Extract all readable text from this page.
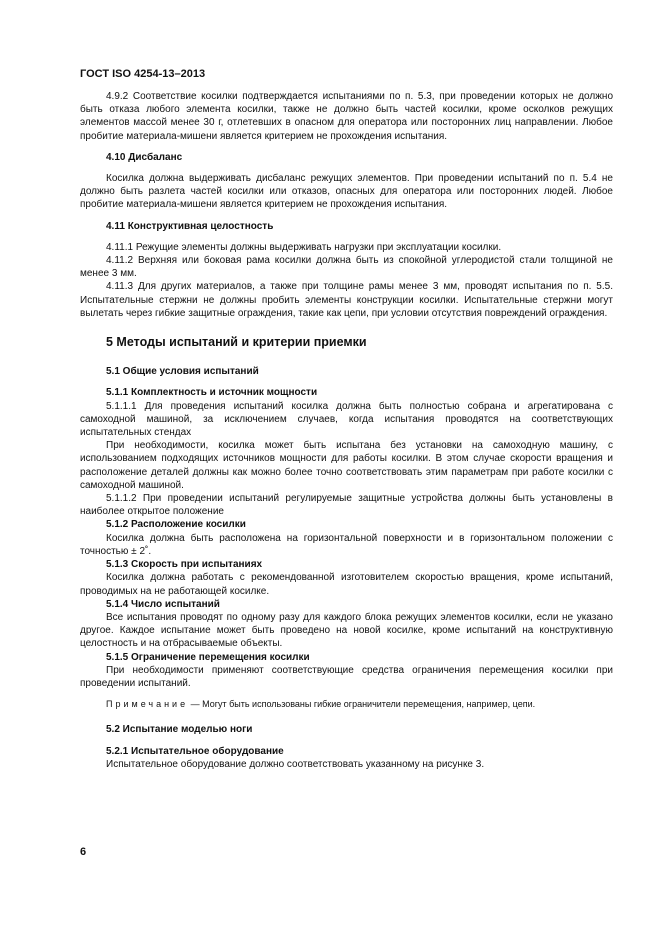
ГОСТ ISO 4254-13–2013

4.9.2 Соответствие косилки подтверждается испытаниями по п. 5.3, при проведении которых не должно быть отказа любого элемента косилки, также не должно быть частей косилки, кроме осколков режущих элементов массой менее 30 г, отлетевших в опасном для оператора или посторонних лиц направлении. Любое пробитие материала-мишени является критерием не прохождения испытания.

4.10 Дисбаланс

Косилка должна выдерживать дисбаланс режущих элементов. При проведении испытаний по п. 5.4 не должно быть разлета частей косилки или отказов, опасных для оператора или посторонних людей. Любое пробитие материала-мишени является критерием не прохождения испытания.

4.11 Конструктивная целостность

4.11.1 Режущие элементы должны выдерживать нагрузки при эксплуатации косилки.

4.11.2 Верхняя или боковая рама косилки должна быть из спокойной углеродистой стали толщиной не менее 3 мм.

4.11.3 Для других материалов, а также при толщине рамы менее 3 мм, проводят испытания по п. 5.5. Испытательные стержни не должны пробить элементы конструкции косилки. Испытательные стержни могут вылетать через гибкие защитные ограждения, такие как цепи, при условии отсутствия повреждений ограждения.

5 Методы испытаний и критерии приемки

5.1 Общие условия испытаний

5.1.1 Комплектность и источник мощности

5.1.1.1 Для проведения испытаний косилка должна быть полностью собрана и агрегатирована с самоходной машиной, за исключением случаев, когда испытания проводятся на соответствующих испытательных стендах

При необходимости, косилка может быть испытана без установки на самоходную машину, с использованием подходящих источников мощности для работы косилки. В этом случае скорости вращения и расположение деталей должны как можно более точно соответствовать этим параметрам при работе косилки с самоходной машиной.

5.1.1.2 При проведении испытаний регулируемые защитные устройства должны быть установлены в наиболее открытое положение

5.1.2 Расположение косилки

Косилка должна быть расположена на горизонтальной поверхности и в горизонтальном положении с точностью ± 2˚.

5.1.3 Скорость при испытаниях

Косилка должна работать с рекомендованной изготовителем скоростью вращения, кроме испытаний, проводимых на не работающей косилке.

5.1.4 Число испытаний

Все испытания проводят по одному разу для каждого блока режущих элементов косилки, если не указано другое. Каждое испытание может быть проведено на новой косилке, кроме испытаний на конструктивную целостность и на отбрасываемые объекты.

5.1.5 Ограничение перемещения косилки

При необходимости применяют соответствующие средства ограничения перемещения косилки при проведении испытаний.

Примечание — Могут быть использованы гибкие ограничители перемещения, например, цепи.

5.2 Испытание моделью ноги

5.2.1 Испытательное оборудование

Испытательное оборудование должно соответствовать указанному на рисунке 3.

6
